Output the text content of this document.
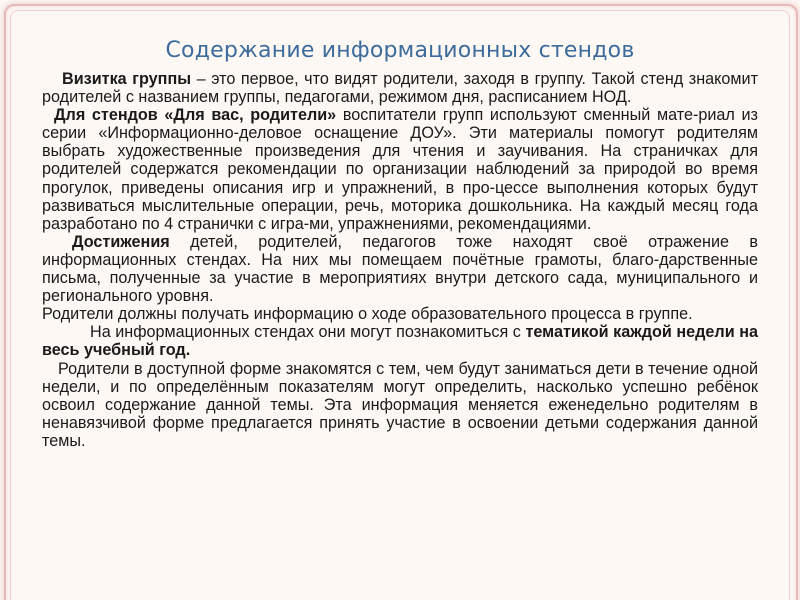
Содержание информационных стендов

Визитка группы – это первое, что видят родители, заходя в группу. Такой стенд знакомит родителей с названием группы, педагогами, режимом дня, расписанием НОД.

Для стендов «Для вас, родители» воспитатели групп используют сменный мате-риал из серии «Информационно-деловое оснащение ДОУ». Эти материалы помогут родителям выбрать художественные произведения для чтения и заучивания. На страничках для родителей содержатся рекомендации по организации наблюдений за природой во время прогулок, приведены описания игр и упражнений, в про-цессе выполнения которых будут развиваться мыслительные операции, речь, моторика дошкольника. На каждый месяц года разработано по 4 странички с игра-ми, упражнениями, рекомендациями.

Достижения детей, родителей, педагогов тоже находят своё отражение в информационных стендах. На них мы помещаем почётные грамоты, благо-дарственные письма, полученные за участие в мероприятиях внутри детского сада, муниципального и регионального уровня.

Родители должны получать информацию о ходе образовательного процесса в группе.

На информационных стендах они могут познакомиться с тематикой каждой недели на весь учебный год.

Родители в доступной форме знакомятся с тем, чем будут заниматься дети в течение одной недели, и по определённым показателям могут определить, насколько успешно ребёнок освоил содержание данной темы. Эта информация меняется еженедельно родителям в ненавязчивой форме предлагается принять участие в освоении детьми содержания данной темы.
